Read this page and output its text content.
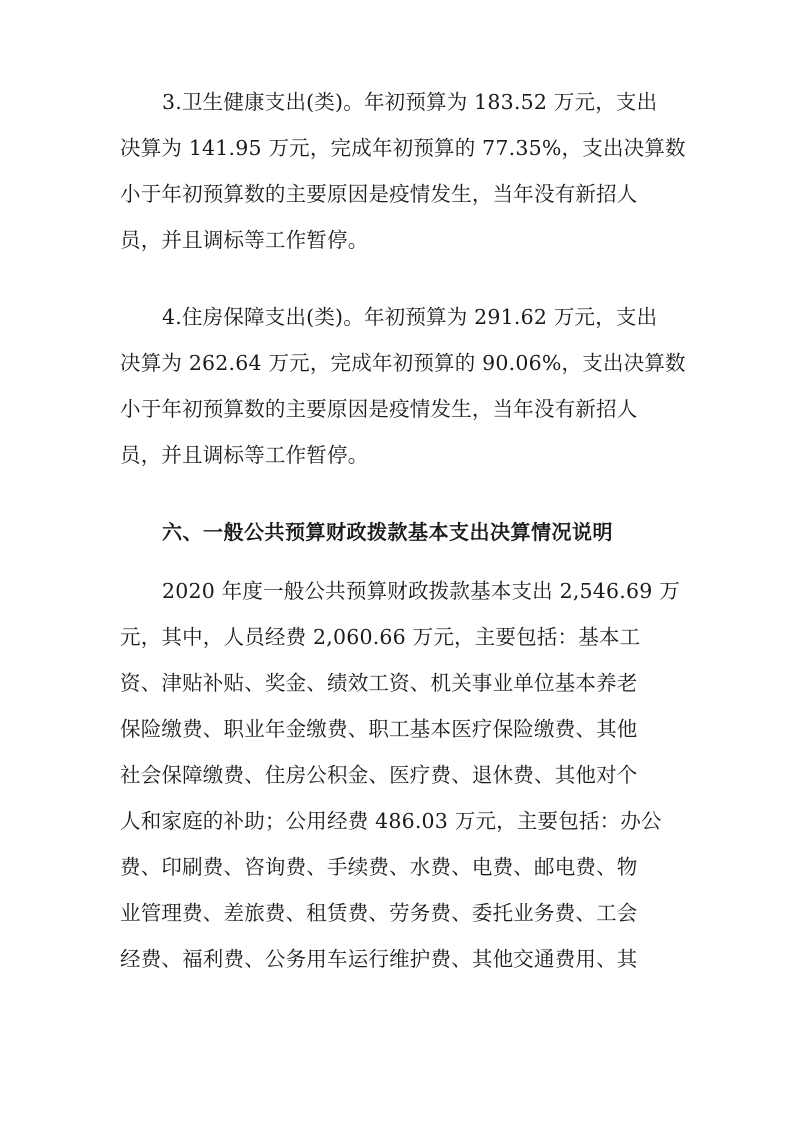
3.卫生健康支出(类)。年初预算为 183.52 万元，支出
决算为 141.95 万元，完成年初预算的 77.35%，支出决算数
小于年初预算数的主要原因是疫情发生，当年没有新招人
员，并且调标等工作暂停。
4.住房保障支出(类)。年初预算为 291.62 万元，支出
决算为 262.64 万元，完成年初预算的 90.06%，支出决算数
小于年初预算数的主要原因是疫情发生，当年没有新招人
员，并且调标等工作暂停。
六、一般公共预算财政拨款基本支出决算情况说明
2020 年度一般公共预算财政拨款基本支出 2,546.69 万
元，其中，人员经费 2,060.66 万元，主要包括：基本工
资、津贴补贴、奖金、绩效工资、机关事业单位基本养老
保险缴费、职业年金缴费、职工基本医疗保险缴费、其他
社会保障缴费、住房公积金、医疗费、退休费、其他对个
人和家庭的补助；公用经费 486.03 万元，主要包括：办公
费、印刷费、咨询费、手续费、水费、电费、邮电费、物
业管理费、差旅费、租赁费、劳务费、委托业务费、工会
经费、福利费、公务用车运行维护费、其他交通费用、其
